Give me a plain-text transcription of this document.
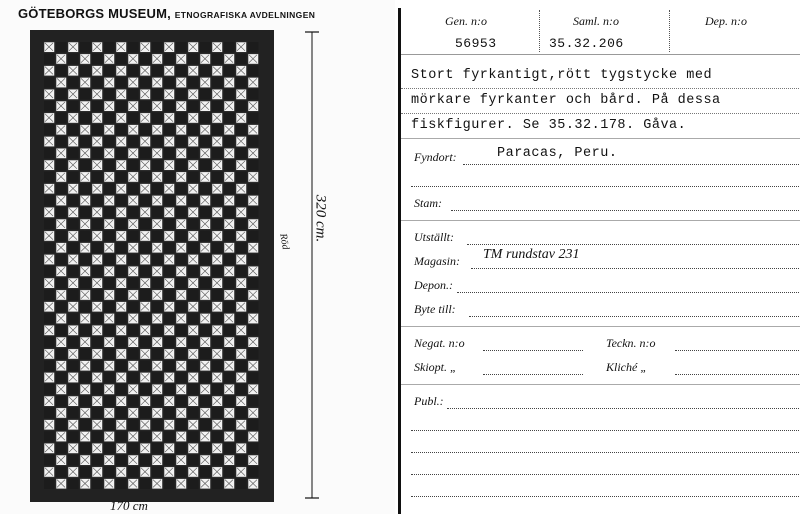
GÖTEBORGS MUSEUM, ETNOGRAFISKA AVDELNINGEN
320 cm.
Röd
170 cm
Gen. n:o	Saml. n:o	Dep. n:o
56953	35.32.206
Stort fyrkantigt,rött tygstycke med
mörkare fyrkanter och bård. På dessa
fiskfigurer. Se 35.32.178. Gåva.
Fyndort:	Paracas, Peru.
Stam:
Utställt:
Magasin: TM rundstav 231
Depon.:
Byte till:
Negat. n:o	Teckn. n:o
Skiopt. „	Kliché „
Publ.:
